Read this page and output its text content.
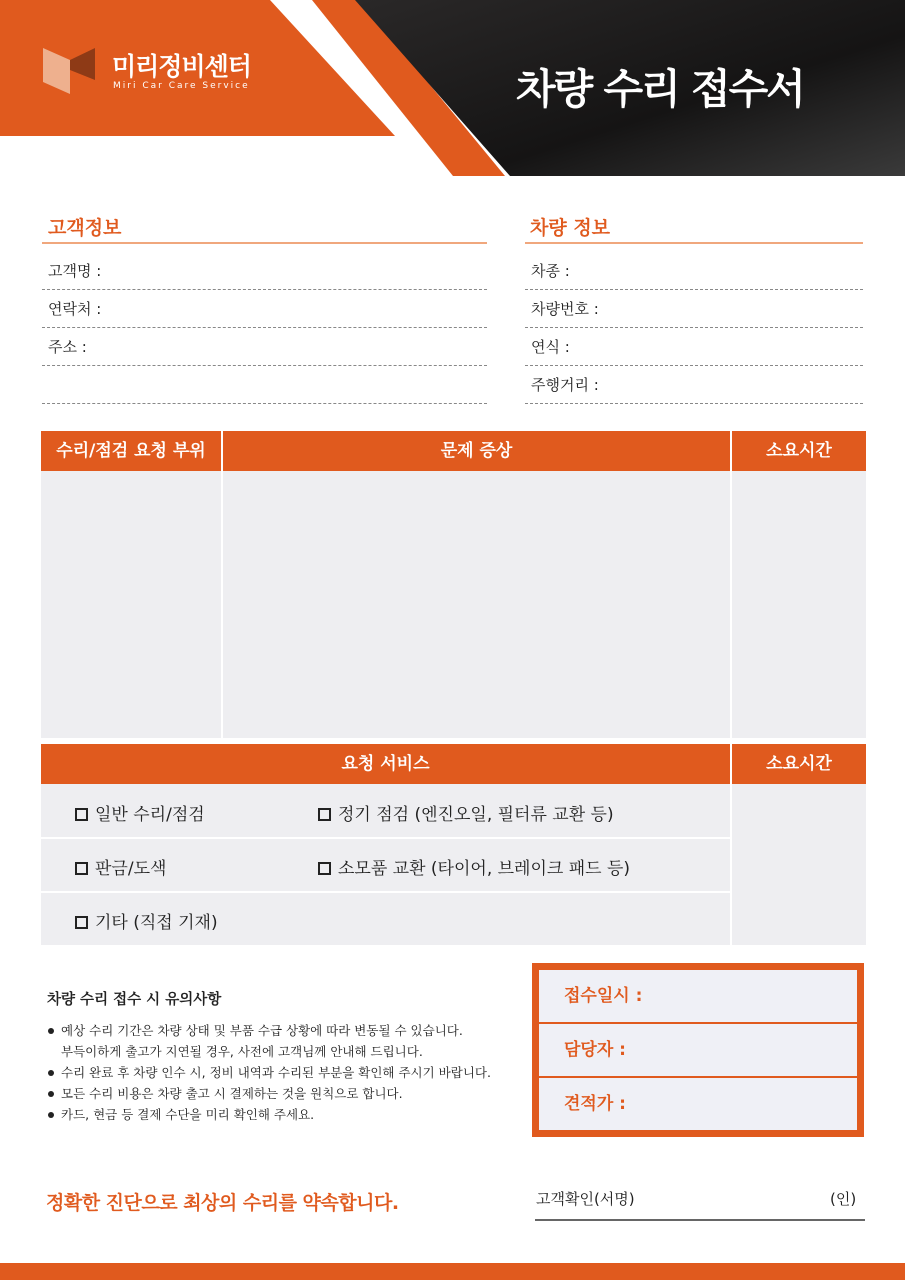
미리정비센터
Miri Car Care Service	차량 수리 접수서
고객정보
고객명 :
연락처 :
주소 :
차량 정보
차종 :
차량번호 :
연식 :
주행거리 :
수리/점검 요청 부위	문제 증상	소요시간
요청 서비스	소요시간
일반 수리/점검	정기 점검 (엔진오일, 필터류 교환 등)
판금/도색	소모품 교환 (타이어, 브레이크 패드 등)
기타 (직접 기재)
차량 수리 접수 시 유의사항
예상 수리 기간은 차량 상태 및 부품 수급 상황에 따라 변동될 수 있습니다.
부득이하게 출고가 지연될 경우, 사전에 고객님께 안내해 드립니다.
수리 완료 후 차량 인수 시, 정비 내역과 수리된 부분을 확인해 주시기 바랍니다.
모든 수리 비용은 차량 출고 시 결제하는 것을 원칙으로 합니다.
카드, 현금 등 결제 수단을 미리 확인해 주세요.
접수일시 :
담당자 :
견적가 :
정확한 진단으로 최상의 수리를 약속합니다.	고객확인(서명)	(인)
